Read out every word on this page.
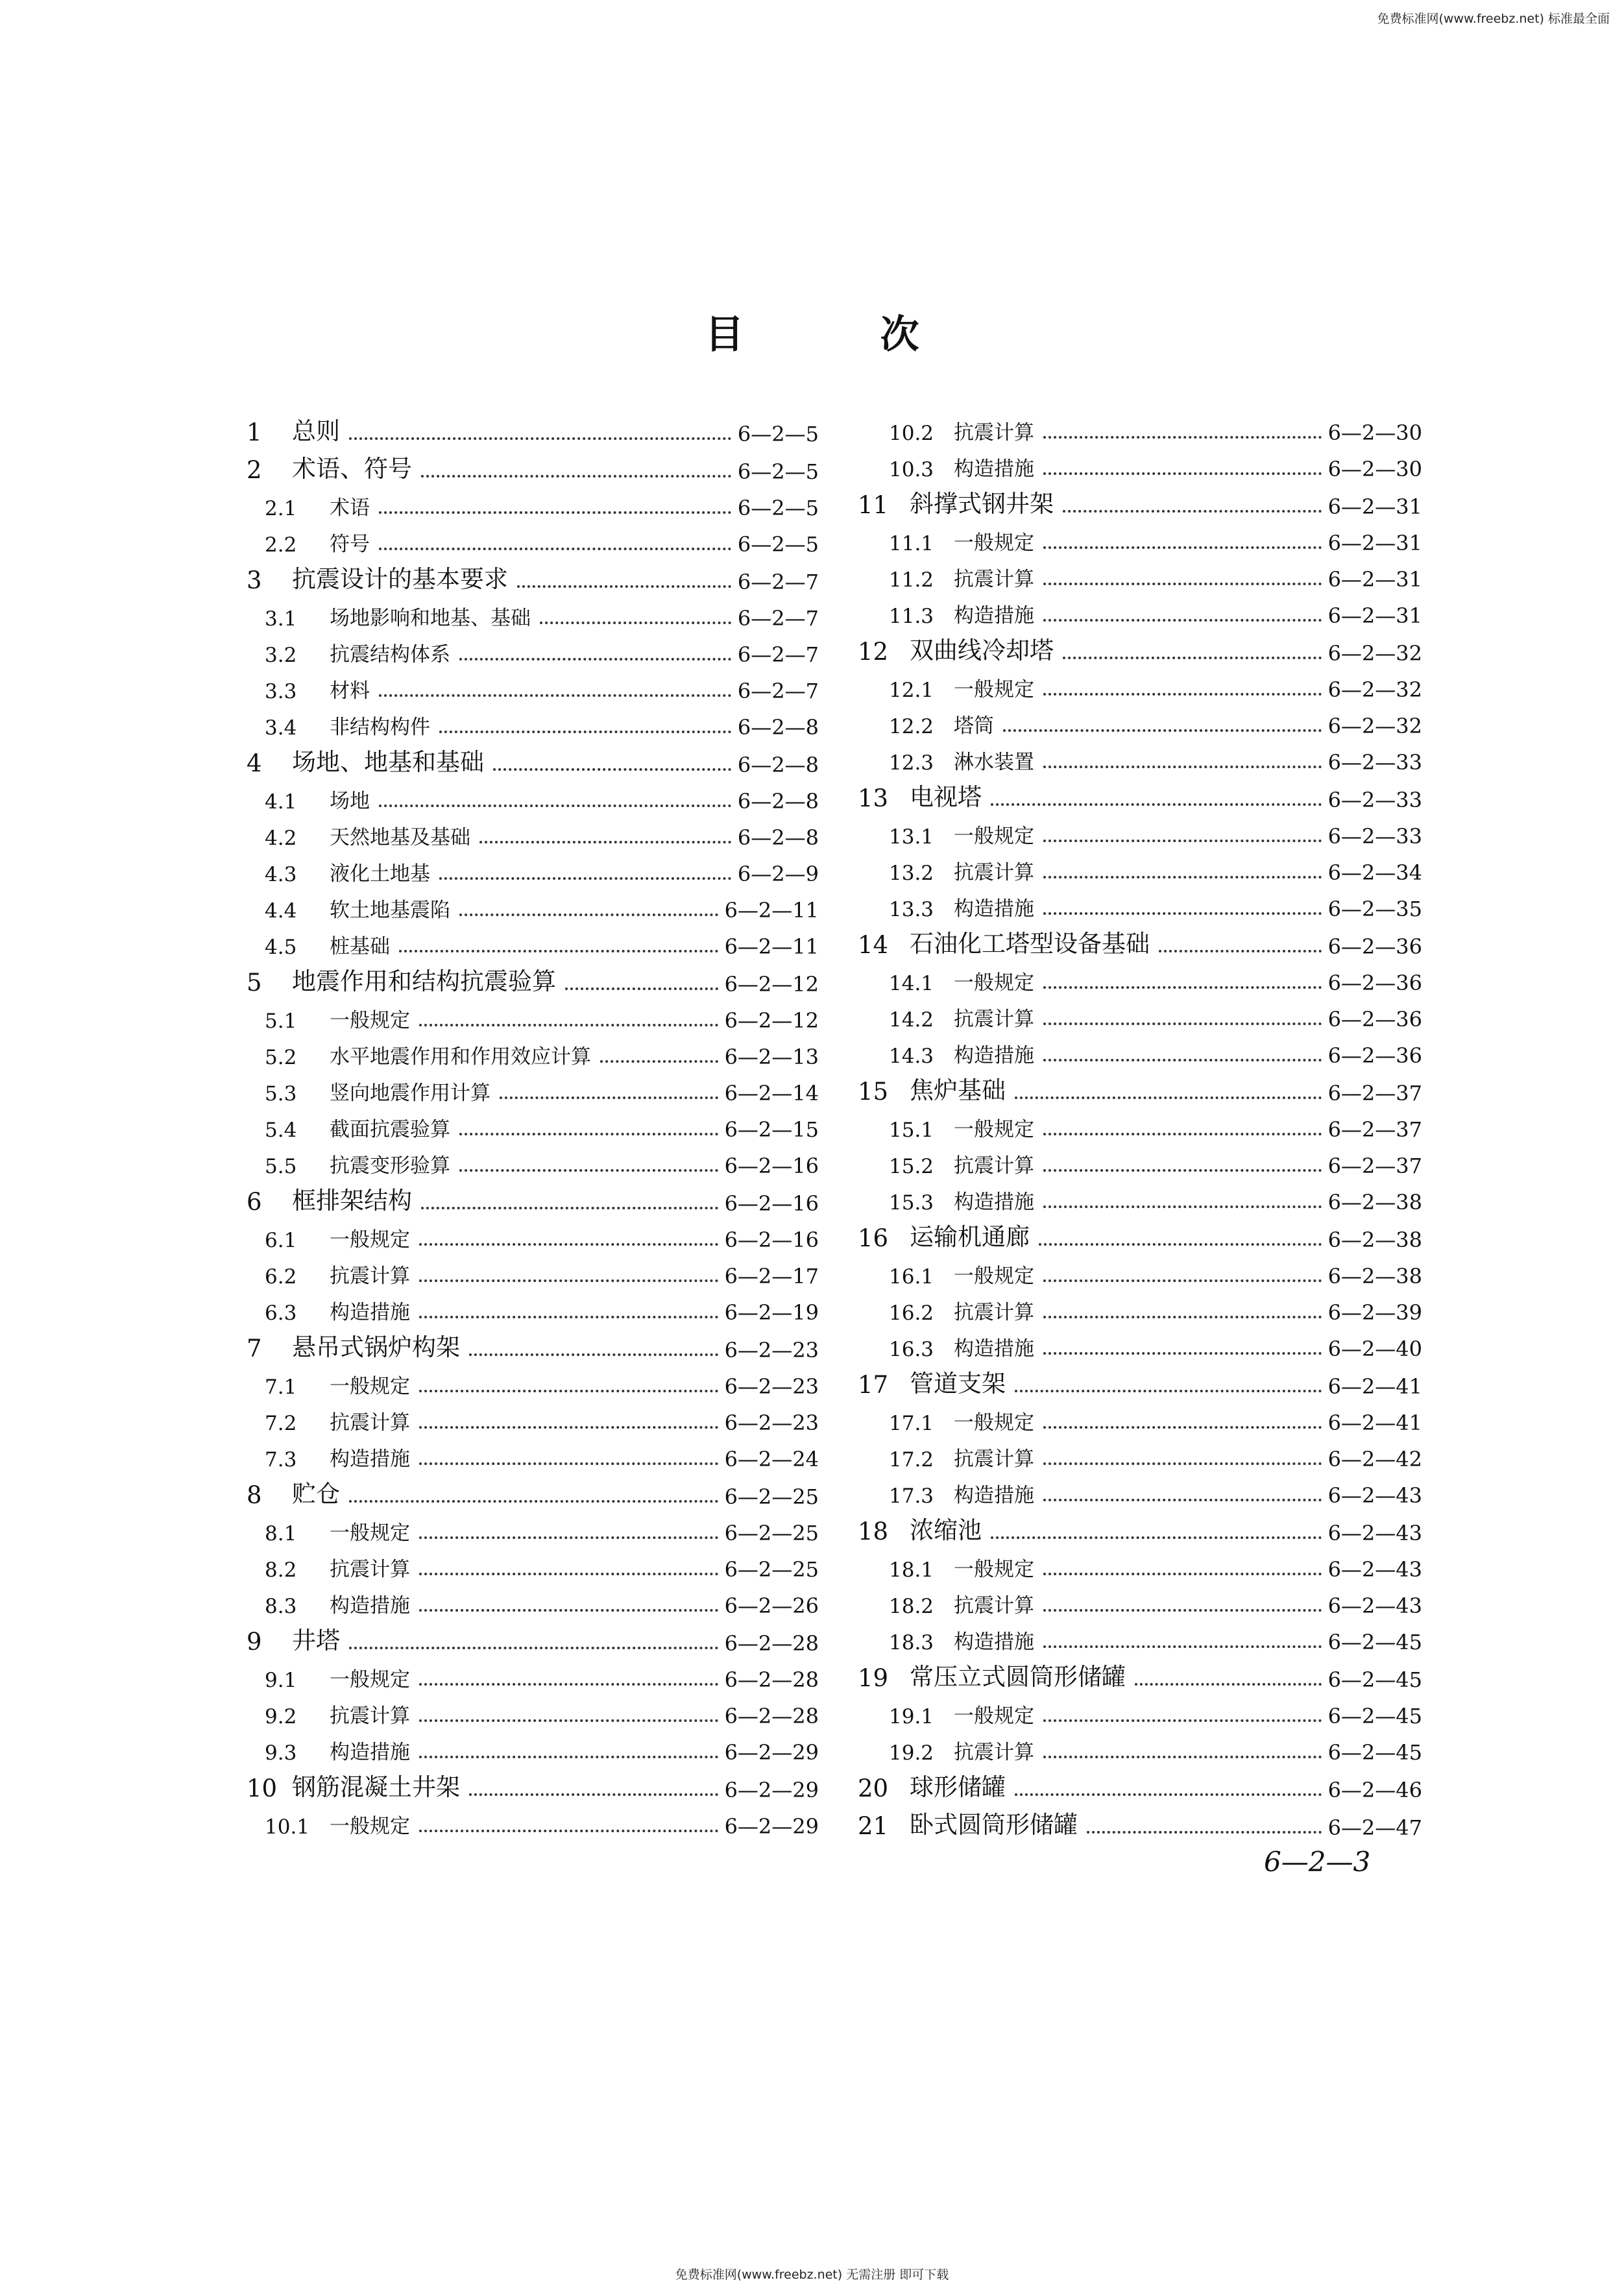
免费标准网(www.freebz.net) 标准最全面
目次
1	总则	6—2—5
2	术语、符号	6—2—5
2.1	术语	6—2—5
2.2	符号	6—2—5
3	抗震设计的基本要求	6—2—7
3.1	场地影响和地基、基础	6—2—7
3.2	抗震结构体系	6—2—7
3.3	材料	6—2—7
3.4	非结构构件	6—2—8
4	场地、地基和基础	6—2—8
4.1	场地	6—2—8
4.2	天然地基及基础	6—2—8
4.3	液化土地基	6—2—9
4.4	软土地基震陷	6—2—11
4.5	桩基础	6—2—11
5	地震作用和结构抗震验算	6—2—12
5.1	一般规定	6—2—12
5.2	水平地震作用和作用效应计算	6—2—13
5.3	竖向地震作用计算	6—2—14
5.4	截面抗震验算	6—2—15
5.5	抗震变形验算	6—2—16
6	框排架结构	6—2—16
6.1	一般规定	6—2—16
6.2	抗震计算	6—2—17
6.3	构造措施	6—2—19
7	悬吊式锅炉构架	6—2—23
7.1	一般规定	6—2—23
7.2	抗震计算	6—2—23
7.3	构造措施	6—2—24
8	贮仓	6—2—25
8.1	一般规定	6—2—25
8.2	抗震计算	6—2—25
8.3	构造措施	6—2—26
9	井塔	6—2—28
9.1	一般规定	6—2—28
9.2	抗震计算	6—2—28
9.3	构造措施	6—2—29
10 钢筋混凝土井架	6—2—29
10.1 一般规定	6—2—29
10.2 抗震计算	6—2—30
10.3 构造措施	6—2—30
11 斜撑式钢井架	6—2—31
11.1 一般规定	6—2—31
11.2 抗震计算	6—2—31
11.3 构造措施	6—2—31
12 双曲线冷却塔	6—2—32
12.1 一般规定	6—2—32
12.2 塔筒	6—2—32
12.3 淋水装置	6—2—33
13 电视塔	6—2—33
13.1 一般规定	6—2—33
13.2 抗震计算	6—2—34
13.3 构造措施	6—2—35
14 石油化工塔型设备基础	6—2—36
14.1 一般规定	6—2—36
14.2 抗震计算	6—2—36
14.3 构造措施	6—2—36
15 焦炉基础	6—2—37
15.1 一般规定	6—2—37
15.2 抗震计算	6—2—37
15.3 构造措施	6—2—38
16 运输机通廊	6—2—38
16.1 一般规定	6—2—38
16.2 抗震计算	6—2—39
16.3 构造措施	6—2—40
17 管道支架	6—2—41
17.1 一般规定	6—2—41
17.2 抗震计算	6—2—42
17.3 构造措施	6—2—43
18 浓缩池	6—2—43
18.1 一般规定	6—2—43
18.2 抗震计算	6—2—43
18.3 构造措施	6—2—45
19 常压立式圆筒形储罐	6—2—45
19.1 一般规定	6—2—45
19.2 抗震计算	6—2—45
20 球形储罐	6—2—46
21 卧式圆筒形储罐	6—2—47
6—2—3
免费标准网(www.freebz.net) 无需注册 即可下载
